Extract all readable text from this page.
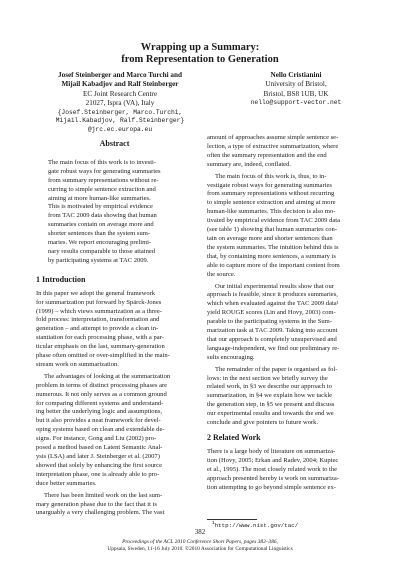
Wrapping up a Summary:
from Representation to Generation
Josef Steinberger and Marco Turchi and
Mijail Kabadjov and Ralf Steinberger
EC Joint Research Centre
21027, Ispra (VA), Italy
{Josef.Steinberger, Marco.Turchi,
Mijail.Kabadjov, Ralf.Steinberger}
@jrc.ec.europa.eu
Nello Cristianini
University of Bristol,
Bristol, BS8 1UB, UK
nello@support-vector.net
Abstract
The main focus of this work is to investi-
gate robust ways for generating summaries
from summary representations without re-
curring to simple sentence extraction and
aiming at more human-like summaries.
This is motivated by empirical evidence
from TAC 2009 data showing that human
summaries contain on average more and
shorter sentences than the system sum-
maries. We report encouraging prelimi-
nary results comparable to those attained
by participating systems at TAC 2009.
1 Introduction
In this paper we adopt the general framework
for summarization put forward by Spärck-Jones
(1999) – which views summarization as a three-
fold process: interpretation, transformation and
generation – and attempt to provide a clean in-
stantiation for each processing phase, with a par-
ticular emphasis on the last, summary-generation
phase often omitted or over-simplified in the main-
stream work on summarization.
The advantages of looking at the summarization
problem in terms of distinct processing phases are
numerous. It not only serves as a common ground
for comparing different systems and understand-
ing better the underlying logic and assumptions,
but it also provides a neat framework for devel-
oping systems based on clean and extendable de-
signs. For instance, Gong and Liu (2002) pro-
posed a method based on Latent Semantic Anal-
ysis (LSA) and later J. Steinberger et al. (2007)
showed that solely by enhancing the first source
interpretation phase, one is already able to pro-
duce better summaries.
There has been limited work on the last sum-
mary generation phase due to the fact that it is
unarguably a very challenging problem. The vast
amount of approaches assume simple sentence se-
lection, a type of extractive summarization, where
often the summary representation and the end
summary are, indeed, conflated.
The main focus of this work is, thus, to in-
vestigate robust ways for generating summaries
from summary representations without recurring
to simple sentence extraction and aiming at more
human-like summaries. This decision is also mo-
tivated by empirical evidence from TAC 2009 data
(see table 1) showing that human summaries con-
tain on average more and shorter sentences than
the system summaries. The intuition behind this is
that, by containing more sentences, a summary is
able to capture more of the important content from
the source.
Our initial experimental results show that our
approach is feasible, since it produces summaries,
which when evaluated against the TAC 2009 data¹
yield ROUGE scores (Lin and Hovy, 2003) com-
parable to the participating systems in the Sum-
marization task at TAC 2009. Taking into account
that our approach is completely unsupervised and
language-independent, we find our preliminary re-
sults encouraging.
The remainder of the paper is organised as fol-
lows: in the next section we briefly survey the
related work, in §3 we describe our approach to
summarization, in §4 we explain how we tackle
the generation step, in §5 we present and discuss
our experimental results and towards the end we
conclude and give pointers to future work.
2 Related Work
There is a large body of literature on summariza-
tion (Hovy, 2005; Erkan and Radev, 2004; Kupiec
et al., 1995). The most closely related work to the
approach presented hereby is work on summariza-
tion attempting to go beyond simple sentence ex-
$^1$http://www.nist.gov/tac/
382
Proceedings of the ACL 2010 Conference Short Papers, pages 382–386,
Uppsala, Sweden, 11-16 July 2010. ©2010 Association for Computational Linguistics
